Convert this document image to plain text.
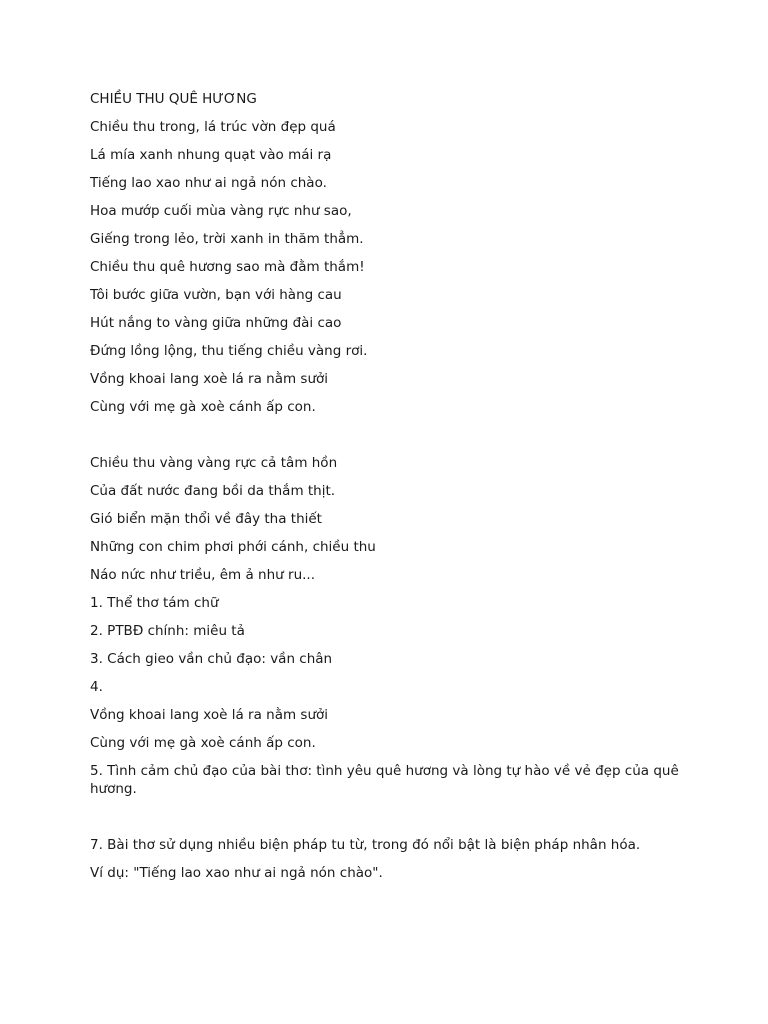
CHIỀU THU QUÊ HƯƠNG
Chiều thu trong, lá trúc vờn đẹp quá
Lá mía xanh nhung quạt vào mái rạ
Tiếng lao xao như ai ngả nón chào.
Hoa mướp cuối mùa vàng rực như sao,
Giếng trong lẻo, trời xanh in thăm thẳm.
Chiều thu quê hương sao mà đằm thắm!
Tôi bước giữa vườn, bạn với hàng cau
Hút nắng to vàng giữa những đài cao
Đứng lồng lộng, thu tiếng chiều vàng rơi.
Vồng khoai lang xoè lá ra nằm sưởi
Cùng với mẹ gà xoè cánh ấp con.
Chiều thu vàng vàng rực cả tâm hồn
Của đất nước đang bồi da thắm thịt.
Gió biển mặn thổi về đây tha thiết
Những con chim phơi phới cánh, chiều thu
Náo nức như triều, êm ả như ru...
1. Thể thơ tám chữ
2. PTBĐ chính: miêu tả
3. Cách gieo vần chủ đạo: vần chân
4.
Vồng khoai lang xoè lá ra nằm sưởi
Cùng với mẹ gà xoè cánh ấp con.
5. Tình cảm chủ đạo của bài thơ: tình yêu quê hương và lòng tự hào về vẻ đẹp của quê hương.
7. Bài thơ sử dụng nhiều biện pháp tu từ, trong đó nổi bật là biện pháp nhân hóa.
Ví dụ: "Tiếng lao xao như ai ngả nón chào".
